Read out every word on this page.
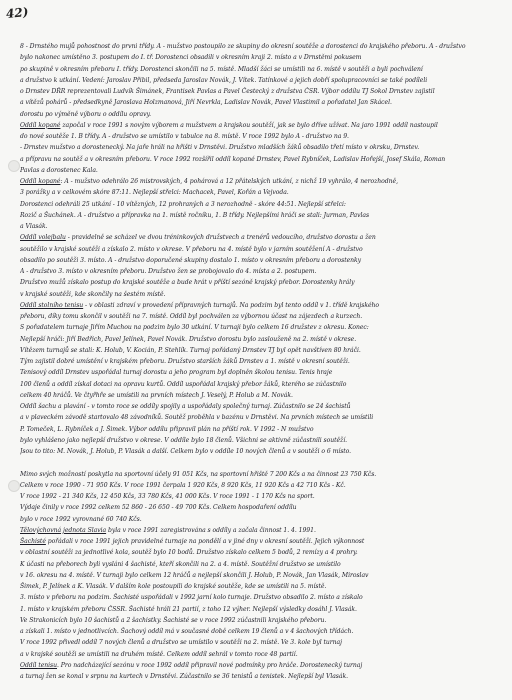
42)
8 - Drnstého mujů pohostnost do prvni třídy. A - mužstvo postoupilo ze skupiny do okresní soutěže a dorostenci do krajského přeboru. A - družstvo
bylo nakonec umístěno 3. postupem do I. tř. Dorostenci obsadili v okresním kraji 2. místo a v Drnstěmi pokusem
po skupině v okresním přeboru I. třídy. Dorostenci skončili na 5. místě. Mladší žáci se umístili na 6. místě v soutěži a byli pochválení
a družstvo k utkání. Vedení: Jaroslav Přibil, předseda Jaroslav Novák, J. Vítek. Tatínkové a jejich dobří spolupracovníci se také podíleli
o Drnstev DŘR reprezentovali Ludvík Šimánek, Frantisek Pavlas a Pavel Čestecký z družstva ČSR. Výbor oddílu TJ Sokol Drnstev zajistil
a vítězů pohárů - předsedkyně Jaroslava Holzmanová, Jiří Nevrkla, Ladislav Novák, Pavel Vlastimil a pořadatel Jan Skácel.
dorostu po výměně výboru o oddílu opravy.
Oddíl kopané započal v roce 1991 s novým výborem a mužstvem a krajskou soutěží, jak se bylo dříve užívat. Na jaro 1991 oddíl nastoupil
do nové soutěže 1. B třídy. A - družstvo se umístilo v tabulce na 8. místě. V roce 1992 bylo A - družstvo na 9.
- Drnstev mužstvo a dorostenecký. Na jaře hráli na hřišti v Drnstěvi. Družstvo mladších žáků obsadilo třetí místo v okrsku, Drnstev.
a přípravu na soutěž a v okresním přeboru. V roce 1992 rozšířil oddíl kopané Drnstev, Pavel Rybníček, Ladislav Hořejší, Josef Skála, Roman
Pavlas a dorostenec Kala.
Oddíl kopané: A - mužstvo odehrálo 26 mistrovských, 4 pohárová a 12 přátelských utkání, z nichž 19 vyhrálo, 4 nerozhodně,
3 porážky a v celkovém skóre 87:11. Nejlepší střelci: Machacek, Pavel, Kořán a Vejvoda.
Dorostenci odehráli 25 utkání - 10 vítězných, 12 prohraných a 3 nerozhodně - skóre 44:51. Nejlepší střelci:
Rozič a Šuchánek. A - družstvo a přípravka na 1. místě ročníku, 1. B třídy. Nejlepšími hráči se stali: Jurman, Pavlas
a Vlasák.
Oddíl volejbalu - pravidelně se scházel ve dvou tréninkových družstvech a trenérů vedoucího, družstvo dorostu a žen
soutěžilo v krajské soutěži a získalo 2. místo v okrese. V přeboru na 4. místě bylo v jarním soutěžení A - družstvo
obsadilo po soutěži 3. místo. A - družstvo doporučené skupiny dostalo 1. místo v okresním přeboru a dorostenky
A - družstvo 3. místo v okresním přeboru. Družstvo žen se probojovalo do 4. místa a 2. postupem.
Družstvo mužů získalo postup do krajské soutěže a bude hrát v příští sezóně krajský přebor. Dorostenky hrály
v krajské soutěži, kde skončily na šestém místě.
Oddíl stolního tenisu - v oblasti zdraví v provedení přípravných turnajů. Na podzim byl tento oddíl v 1. třídě krajského
přeboru, díky tomu skončil v soutěži na 7. místě. Oddíl byl pochválen za výbornou účast na zájezdech a kurzech.
S pořadatelem turnaje Jiřím Muchou na podzim bylo 30 utkání. V turnaji bylo celkem 16 družstev z okresu. Konec:
Nejlepší hráči: Jiří Bedřich, Pavel Jelínek, Pavel Novák. Družstvo dorostu bylo zaslouženě na 2. místě v okrese.
Vítězem turnajů se stali: K. Holub, V. Kocián, P. Stehlík. Turnaj pořádaný Drnstev TJ byl opět navštíven 80 hráči.
Tým zajistil dobré umístění v krajském přeboru. Družstvo starších žáků Drnstev a 1. místě v okresní soutěži.
Tenisový oddíl Drnstev uspořádal turnaj dorostu a jeho program byl doplněn školou tenisu. Tenis hraje
100 členů a oddíl získal dotaci na opravu kurtů. Oddíl uspořádal krajský přebor žáků, kterého se zúčastnilo
celkem 40 hráčů. Ve čtyřhře se umístili na prvních místech J. Veselý, P. Holub a M. Novák.
Oddíl šachu a plavání - v tomto roce se oddíly spojily a uspořádaly společný turnaj. Zúčastnilo se 24 šachistů
a v plaveckém závodě startovalo 48 závodníků. Soutěž proběhla v bazénu v Drnstěvi. Na prvních místech se umístili
P. Tomeček, L. Rybníček a J. Šimek. Výbor oddílu připravil plán na příští rok. V 1992 - N mužstvo
bylo vyhlášeno jako nejlepší družstvo v okrese. V oddíle bylo 18 členů. Všichni se aktivně zúčastnili soutěží.
Jsou to tito: M. Novák, J. Holub, P. Vlasák a další. Celkem bylo v oddíle 10 nových členů a v soutěži o 6 místo.
Mimo svých možností poskytla na sportovní účely 91 051 Kčs, na sportovní hřiště 7 200 Kčs a na činnost 23 750 Kčs.
Celkem v roce 1990 - 71 950 Kčs. V roce 1991 čerpala 1 920 Kčs, 8 920 Kčs, 11 920 Kčs a 42 710 Kčs - Kč.
V roce 1992 - 21 340 Kčs, 12 450 Kčs, 33 780 Kčs, 41 000 Kčs. V roce 1991 - 1 170 Kčs na sport.
Výdaje činily v roce 1992 celkem 52 860 - 26 650 - 49 700 Kčs. Celkem hospodaření oddílu
bylo v roce 1992 vyrovnané 60 740 Kčs.
Tělovýchovná jednota Slavia byla v roce 1991 zaregistrována s oddíly a začala činnost 1. 4. 1991.
Šachisté pořádali v roce 1991 jejich pravidelné turnaje na pondělí a v jiné dny v okresní soutěži. Jejich výkonnost
v oblastní soutěži za jednotlivé kola, soutěž bylo 10 bodů. Družstvo získalo celkem 5 bodů, 2 remízy a 4 prohry.
K účasti na přeborech byli vysláni 4 šachisté, kteří skončili na 2. a 4. místě. Soutěžní družstvo se umístilo
v 16. okresu na 4. místě. V turnaji bylo celkem 12 hráčů a nejlepší skončili J. Holub, P. Novák, Jan Vlasák, Miroslav
Šimek, P. Jelínek a K. Vlasák. V dalším kole postoupili do krajské soutěže, kde se umístili na 5. místě.
3. místo v přeboru na podzim. Šachisté uspořádali v 1992 jarní kolo turnaje. Družstvo obsadilo 2. místo a získalo
1. místo v krajském přeboru ČSSR. Šachisté hráli 21 partií, z toho 12 výher. Nejlepší výsledky dosáhl J. Vlasák.
Ve Strakonicích bylo 10 šachistů a 2 šachistky. Šachisté se v roce 1992 zúčastnili krajského přeboru.
a získali 1. místo v jednotlivcích. Šachový oddíl má v současné době celkem 19 členů a v 4 šachových třídách.
V roce 1992 přivedl oddíl 7 nových členů a družstvo se umístilo v soutěži na 2. místě. Ve 3. kole byl turnaj
a v krajské soutěži se umístili na druhém místě. Celkem oddíl sehrál v tomto roce 48 partií.
Oddíl tenisu. Pro nadcházející sezónu v roce 1992 oddíl připravil nové podmínky pro hráče. Dorostenecký turnaj
a turnaj žen se konal v srpnu na kurtech v Drnstěvi. Zúčastnilo se 36 tenistů a tenistek. Nejlepší byl Vlasák.
